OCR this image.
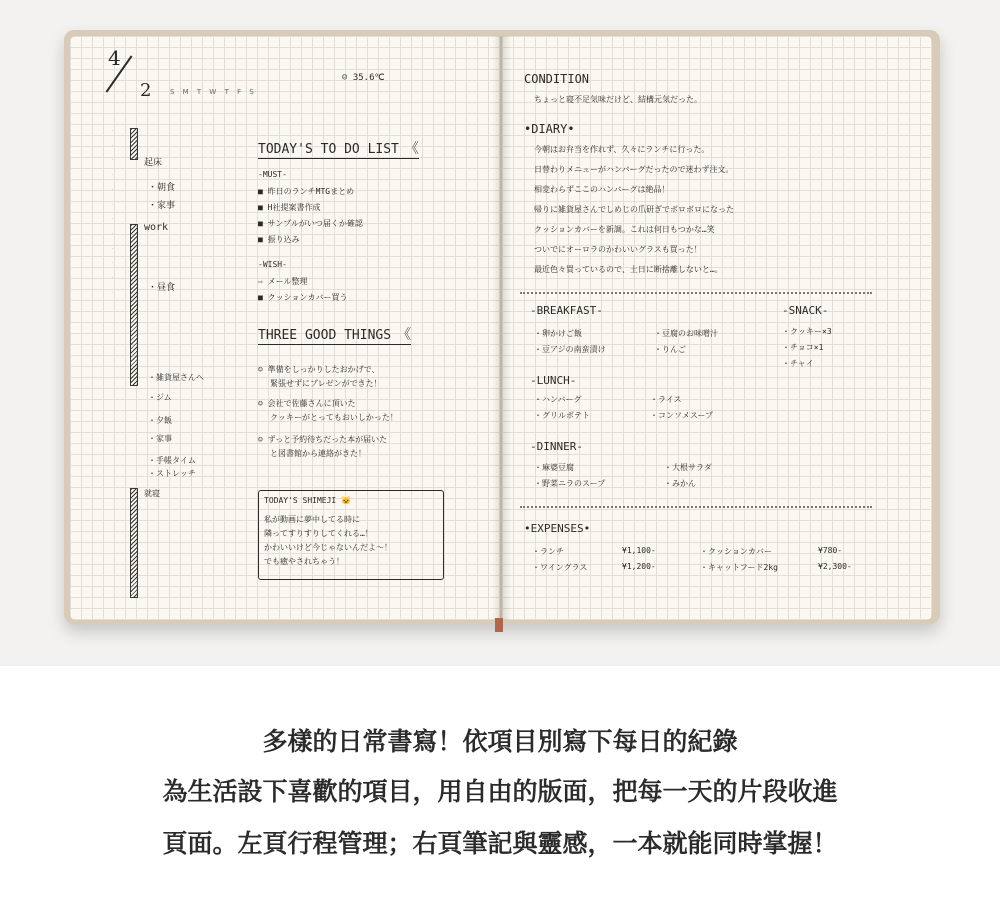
4
2	S M T W T F S
☺ 35.6℃
·
·
·
·
·
·
·
·
·
·
·
·
起床
・朝食
・家事
work
・昼食
・雑貨屋さんへ
・ジム
・夕飯
・家事
・手帳タイム
・ストレッチ
就寝
TODAY'S TO DO LIST 《
-MUST-
■ 昨日のランチMTGまとめ
■ H社提案書作成
■ サンプルがいつ届くか確認
■ 振り込み
-WISH-
⇨ メール整理
■ クッションカバー買う
THREE GOOD THINGS 《
☺ 準備をしっかりしたおかげで、
緊張せずにプレゼンができた！
☺ 会社で佐藤さんに頂いた
クッキーがとってもおいしかった！
☺ ずっと予約待ちだった本が届いた
と図書館から連絡がきた！
TODAY'S SHIMEJI 🐱
私が動画に夢中してる時に
隣ってすりすりしてくれる…！
かわいいけど今じゃないんだよ〜！
でも癒やされちゃう！
CONDITION
ちょっと寝不足気味だけど、結構元気だった。
•DIARY•
今朝はお弁当を作れず、久々にランチに行った。
日替わりメニューがハンバーグだったので迷わず注文。
相変わらずここのハンバーグは絶品！
帰りに雑貨屋さんでしめじの爪研ぎでボロボロになった
クッションカバーを新調。これは何日もつかな…笑
ついでにオーロラのかわいいグラスも買った！
最近色々買っているので、土日に断捨離しないと…。
-BREAKFAST-
・卵かけご飯	・豆腐のお味噌汁
・豆アジの南蛮漬け	・りんご
-SNACK-
・クッキー×3
・チョコ×1
・チャイ
-LUNCH-
・ハンバーグ	・ライス
・グリルポテト	・コンソメスープ
-DINNER-
・麻婆豆腐	・大根サラダ
・野菜ニラのスープ	・みかん
•EXPENSES•
・ランチ	¥1,100-	・クッションカバー	¥780-
・ワイングラス	¥1,200-	・キャットフード2kg	¥2,300-
多樣的日常書寫！依項目別寫下每日的紀錄
為生活設下喜歡的項目，用自由的版面，把每一天的片段收進
頁面。左頁行程管理；右頁筆記與靈感，一本就能同時掌握！
